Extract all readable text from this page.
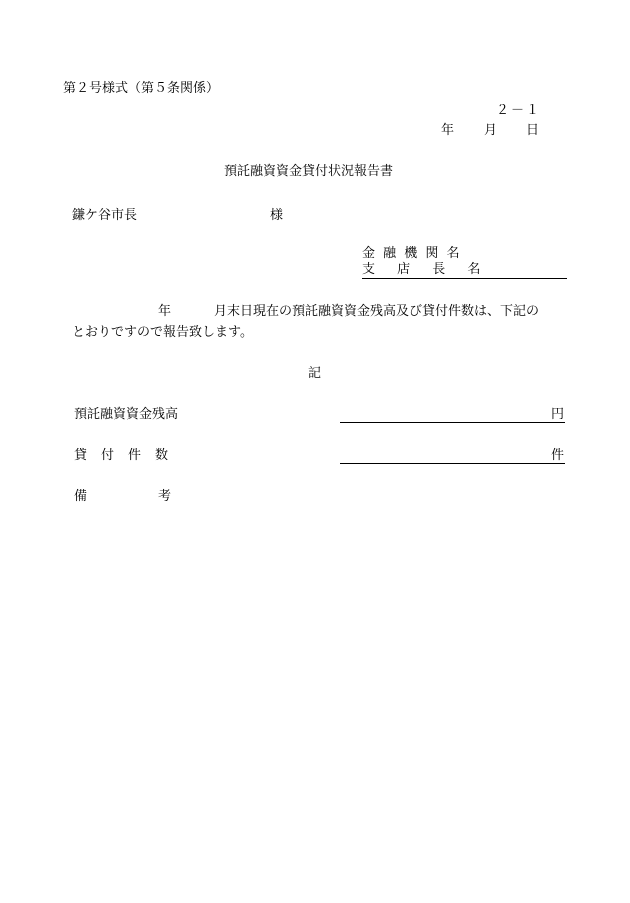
第２号様式（第５条関係）
２－１
年 月 日
預託融資資金貸付状況報告書
鎌ケ谷市長	様
金 融 機 関 名
支 店 長 名
年	月末日現在の預託融資資金残高及び貸付件数は、下記の
とおりですので報告致します。
記
預託融資資金残高	円
貸付件数	件
備考
